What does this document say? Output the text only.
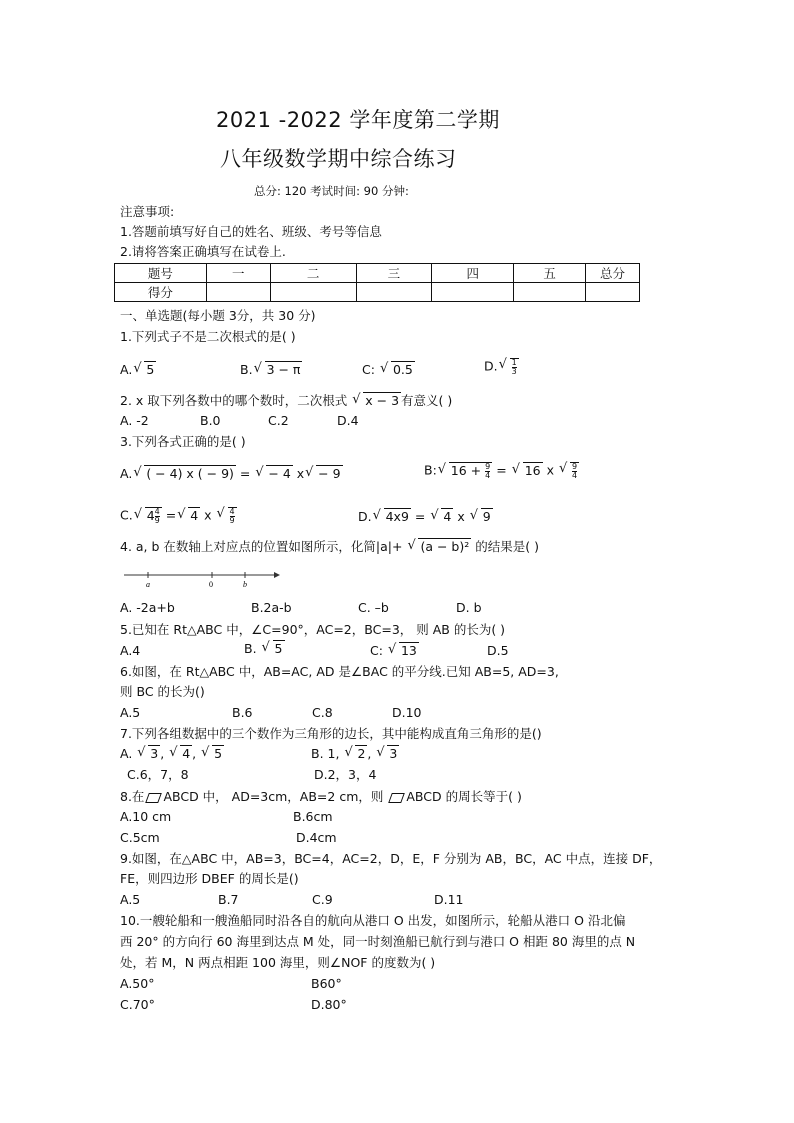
2021 -2022 学年度第二学期
八年级数学期中综合练习
总分: 120 考试时间: 90 分钟:
注意事项:
1.答题前填写好自己的姓名、班级、考号等信息
2.请将答案正确填写在试卷上.
题号	一	二	三	四	五	总分
得分						
一、单选题(每小题 3分，共 30 分)
1.下列式子不是二次根式的是( )
A. √ 5	B. √ 3 − π	C: √ 0.5	D. √ $\frac{1}{3}$
2. x 取下列各数中的哪个数时，二次根式 √ x − 3 有意义( )
A. -2	B.0	C.2	D.4
3.下列各式正确的是( )
A. √ ( − 4) x ( − 9) = √ − 4 x √ − 9	B: √ $16 + \frac{9}{4}$ = √ 16 x √ $\frac{9}{4}$
C. √ $4 \frac{4}{9}$ = √ 4 x √ $\frac{4}{9}$	D. √ 4x9 = √ 4 x √ 9
4. a, b 在数轴上对应点的位置如图所示，化简|a|+ √ (a − b)² 的结果是( )
a	0	b
A. -2a+b	B.2a-b	C. –b	D. b
5.已知在 Rt△ABC 中，∠C=90°，AC=2，BC=3， 则 AB 的长为( )
A.4	B. √ 5	C: √ 13	D.5
6.如图，在 Rt△ABC 中，AB=AC, AD 是∠BAC 的平分线.已知 AB=5, AD=3,
则 BC 的长为()
A.5	B.6	C.8	D.10
7.下列各组数据中的三个数作为三角形的边长，其中能构成直角三角形的是()
A. √ 3 , √ 4 , √ 5	B. 1, √ 2 , √ 3
C.6，7，8	D.2，3，4
8.在 ABCD 中， AD=3cm，AB=2 cm，则 ABCD 的周长等于( )
A.10 cm	B.6cm
C.5cm	D.4cm
9.如图，在△ABC 中，AB=3，BC=4，AC=2，D，E，F 分别为 AB，BC，AC 中点，连接 DF，
FE，则四边形 DBEF 的周长是()
A.5	B.7	C.9	D.11
10.一艘轮船和一艘渔船同时沿各自的航向从港口 O 出发，如图所示，轮船从港口 O 沿北偏
西 20° 的方向行 60 海里到达点 M 处，同一时刻渔船已航行到与港口 O 相距 80 海里的点 N
处，若 M，N 两点相距 100 海里，则∠NOF 的度数为( )
A.50°	B60°
C.70°	D.80°
